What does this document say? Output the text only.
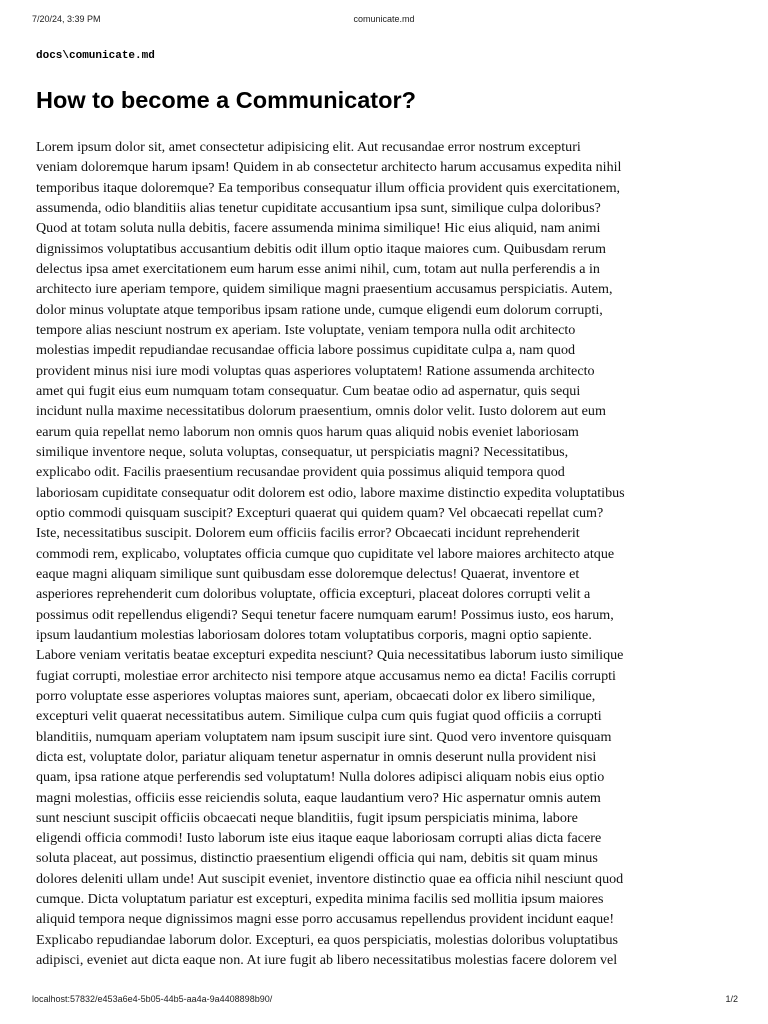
7/20/24, 3:39 PM	comunicate.md
docs\comunicate.md
How to become a Communicator?
Lorem ipsum dolor sit, amet consectetur adipisicing elit. Aut recusandae error nostrum excepturi
veniam doloremque harum ipsam! Quidem in ab consectetur architecto harum accusamus expedita nihil
temporibus itaque doloremque? Ea temporibus consequatur illum officia provident quis exercitationem,
assumenda, odio blanditiis alias tenetur cupiditate accusantium ipsa sunt, similique culpa doloribus?
Quod at totam soluta nulla debitis, facere assumenda minima similique! Hic eius aliquid, nam animi
dignissimos voluptatibus accusantium debitis odit illum optio itaque maiores cum. Quibusdam rerum
delectus ipsa amet exercitationem eum harum esse animi nihil, cum, totam aut nulla perferendis a in
architecto iure aperiam tempore, quidem similique magni praesentium accusamus perspiciatis. Autem,
dolor minus voluptate atque temporibus ipsam ratione unde, cumque eligendi eum dolorum corrupti,
tempore alias nesciunt nostrum ex aperiam. Iste voluptate, veniam tempora nulla odit architecto
molestias impedit repudiandae recusandae officia labore possimus cupiditate culpa a, nam quod
provident minus nisi iure modi voluptas quas asperiores voluptatem! Ratione assumenda architecto
amet qui fugit eius eum numquam totam consequatur. Cum beatae odio ad aspernatur, quis sequi
incidunt nulla maxime necessitatibus dolorum praesentium, omnis dolor velit. Iusto dolorem aut eum
earum quia repellat nemo laborum non omnis quos harum quas aliquid nobis eveniet laboriosam
similique inventore neque, soluta voluptas, consequatur, ut perspiciatis magni? Necessitatibus,
explicabo odit. Facilis praesentium recusandae provident quia possimus aliquid tempora quod
laboriosam cupiditate consequatur odit dolorem est odio, labore maxime distinctio expedita voluptatibus
optio commodi quisquam suscipit? Excepturi quaerat qui quidem quam? Vel obcaecati repellat cum?
Iste, necessitatibus suscipit. Dolorem eum officiis facilis error? Obcaecati incidunt reprehenderit
commodi rem, explicabo, voluptates officia cumque quo cupiditate vel labore maiores architecto atque
eaque magni aliquam similique sunt quibusdam esse doloremque delectus! Quaerat, inventore et
asperiores reprehenderit cum doloribus voluptate, officia excepturi, placeat dolores corrupti velit a
possimus odit repellendus eligendi? Sequi tenetur facere numquam earum! Possimus iusto, eos harum,
ipsum laudantium molestias laboriosam dolores totam voluptatibus corporis, magni optio sapiente.
Labore veniam veritatis beatae excepturi expedita nesciunt? Quia necessitatibus laborum iusto similique
fugiat corrupti, molestiae error architecto nisi tempore atque accusamus nemo ea dicta! Facilis corrupti
porro voluptate esse asperiores voluptas maiores sunt, aperiam, obcaecati dolor ex libero similique,
excepturi velit quaerat necessitatibus autem. Similique culpa cum quis fugiat quod officiis a corrupti
blanditiis, numquam aperiam voluptatem nam ipsum suscipit iure sint. Quod vero inventore quisquam
dicta est, voluptate dolor, pariatur aliquam tenetur aspernatur in omnis deserunt nulla provident nisi
quam, ipsa ratione atque perferendis sed voluptatum! Nulla dolores adipisci aliquam nobis eius optio
magni molestias, officiis esse reiciendis soluta, eaque laudantium vero? Hic aspernatur omnis autem
sunt nesciunt suscipit officiis obcaecati neque blanditiis, fugit ipsum perspiciatis minima, labore
eligendi officia commodi! Iusto laborum iste eius itaque eaque laboriosam corrupti alias dicta facere
soluta placeat, aut possimus, distinctio praesentium eligendi officia qui nam, debitis sit quam minus
dolores deleniti ullam unde! Aut suscipit eveniet, inventore distinctio quae ea officia nihil nesciunt quod
cumque. Dicta voluptatum pariatur est excepturi, expedita minima facilis sed mollitia ipsum maiores
aliquid tempora neque dignissimos magni esse porro accusamus repellendus provident incidunt eaque!
Explicabo repudiandae laborum dolor. Excepturi, ea quos perspiciatis, molestias doloribus voluptatibus
adipisci, eveniet aut dicta eaque non. At iure fugit ab libero necessitatibus molestias facere dolorem vel
localhost:57832/e453a6e4-5b05-44b5-aa4a-9a4408898b90/	1/2
